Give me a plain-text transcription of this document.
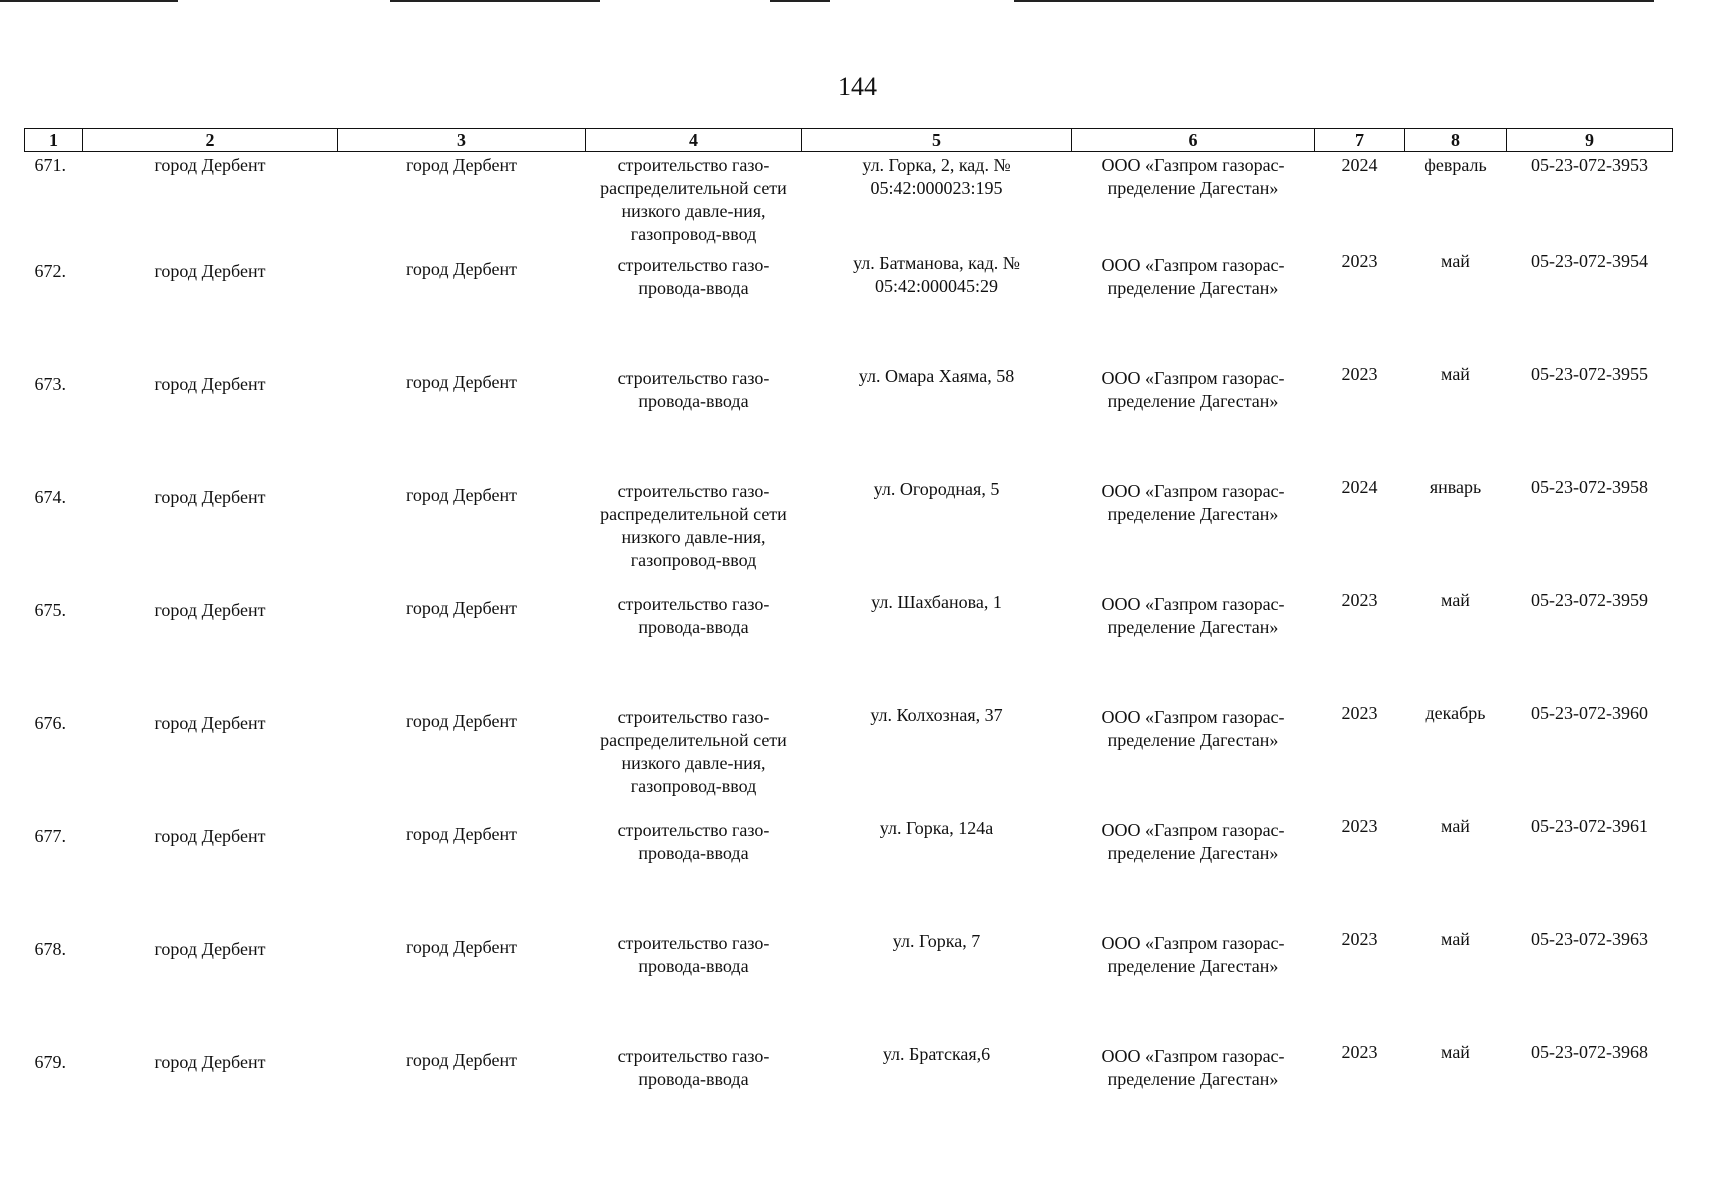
144
1	2	3	4	5	6	7	8	9
671.	город Дербент	город Дербент	строительство газо-распределительной сети низкого давле-ния, газопровод-ввод	ул. Горка, 2, кад. № 05:42:000023:195	ООО «Газпром газорас-пределение Дагестан»	2024	февраль	05-23-072-3953
672.	город Дербент	город Дербент	строительство газо-провода-ввода	ул. Батманова, кад. № 05:42:000045:29	ООО «Газпром газорас-пределение Дагестан»	2023	май	05-23-072-3954
673.	город Дербент	город Дербент	строительство газо-провода-ввода	ул. Омара Хаяма, 58	ООО «Газпром газорас-пределение Дагестан»	2023	май	05-23-072-3955
674.	город Дербент	город Дербент	строительство газо-распределительной сети низкого давле-ния, газопровод-ввод	ул. Огородная, 5	ООО «Газпром газорас-пределение Дагестан»	2024	январь	05-23-072-3958
675.	город Дербент	город Дербент	строительство газо-провода-ввода	ул. Шахбанова, 1	ООО «Газпром газорас-пределение Дагестан»	2023	май	05-23-072-3959
676.	город Дербент	город Дербент	строительство газо-распределительной сети низкого давле-ния, газопровод-ввод	ул. Колхозная, 37	ООО «Газпром газорас-пределение Дагестан»	2023	декабрь	05-23-072-3960
677.	город Дербент	город Дербент	строительство газо-провода-ввода	ул. Горка, 124а	ООО «Газпром газорас-пределение Дагестан»	2023	май	05-23-072-3961
678.	город Дербент	город Дербент	строительство газо-провода-ввода	ул. Горка, 7	ООО «Газпром газорас-пределение Дагестан»	2023	май	05-23-072-3963
679.	город Дербент	город Дербент	строительство газо-провода-ввода	ул. Братская,6	ООО «Газпром газорас-пределение Дагестан»	2023	май	05-23-072-3968
